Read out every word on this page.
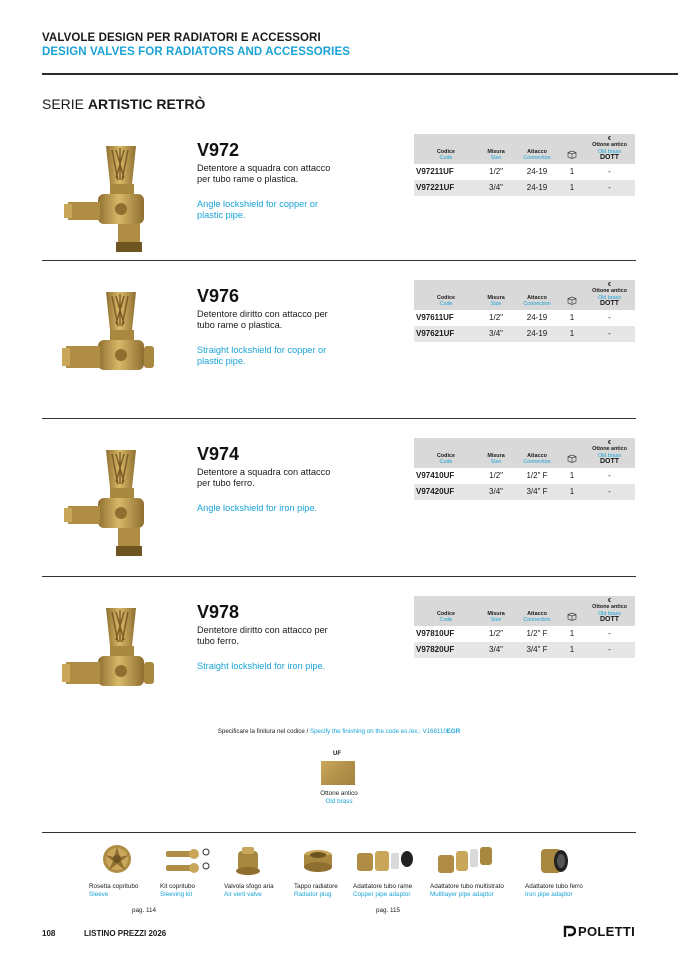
VALVOLE DESIGN PER RADIATORI E ACCESSORI
DESIGN VALVES FOR RADIATORS AND ACCESSORIES
SERIE ARTISTIC RETRÒ
V972
Detentore a squadra con attacco per tubo rame o plastica.
Angle lockshield for copper or plastic pipe.
Codice
Code	Misura
Size	Attacco
Connection		€
Ottone antico
Old brass
DOTT

V97211UF	1/2"	24-19	1	-
V97221UF	3/4"	24-19	1	-
V976
Detentore diritto con attacco per tubo rame o plastica.
Straight lockshield for copper or plastic pipe.
Codice
Code	Misura
Size	Attacco
Connection		€
Ottone antico
Old brass
DOTT

V97611UF	1/2"	24-19	1	-
V97621UF	3/4"	24-19	1	-
V974
Detentore a squadra con attacco per tubo ferro.
Angle lockshield for iron pipe.
Codice
Code	Misura
Size	Attacco
Connection		€
Ottone antico
Old brass
DOTT

V97410UF	1/2"	1/2" F	1	-
V97420UF	3/4"	3/4" F	1	-
V978
Dentetore diritto con attacco per tubo ferro.
Straight lockshield for iron pipe.
Codice
Code	Misura
Size	Attacco
Connection		€
Ottone antico
Old brass
DOTT

V97810UF	1/2"	1/2" F	1	-
V97820UF	3/4"	3/4" F	1	-
Specificare la finitura nel codice / Specify the finishing on the code es./ex.: V168110EGR
UF
Ottone antico
Old brass
Rosetta copritubo
Sleeve
Kit copritubo
Sleeving kit
Valvola sfogo aria
Air vent valve
Tappo radiatore
Radiator plug
Adattatore tubo rame
Copper pipe adaptor
Adattatore tubo multistrato
Multilayer pipe adaptor
Adattatore tubo ferro
Iron pipe adaptor
pag. 114	pag. 115
108	LISTINO PREZZI 2026	POLETTI
